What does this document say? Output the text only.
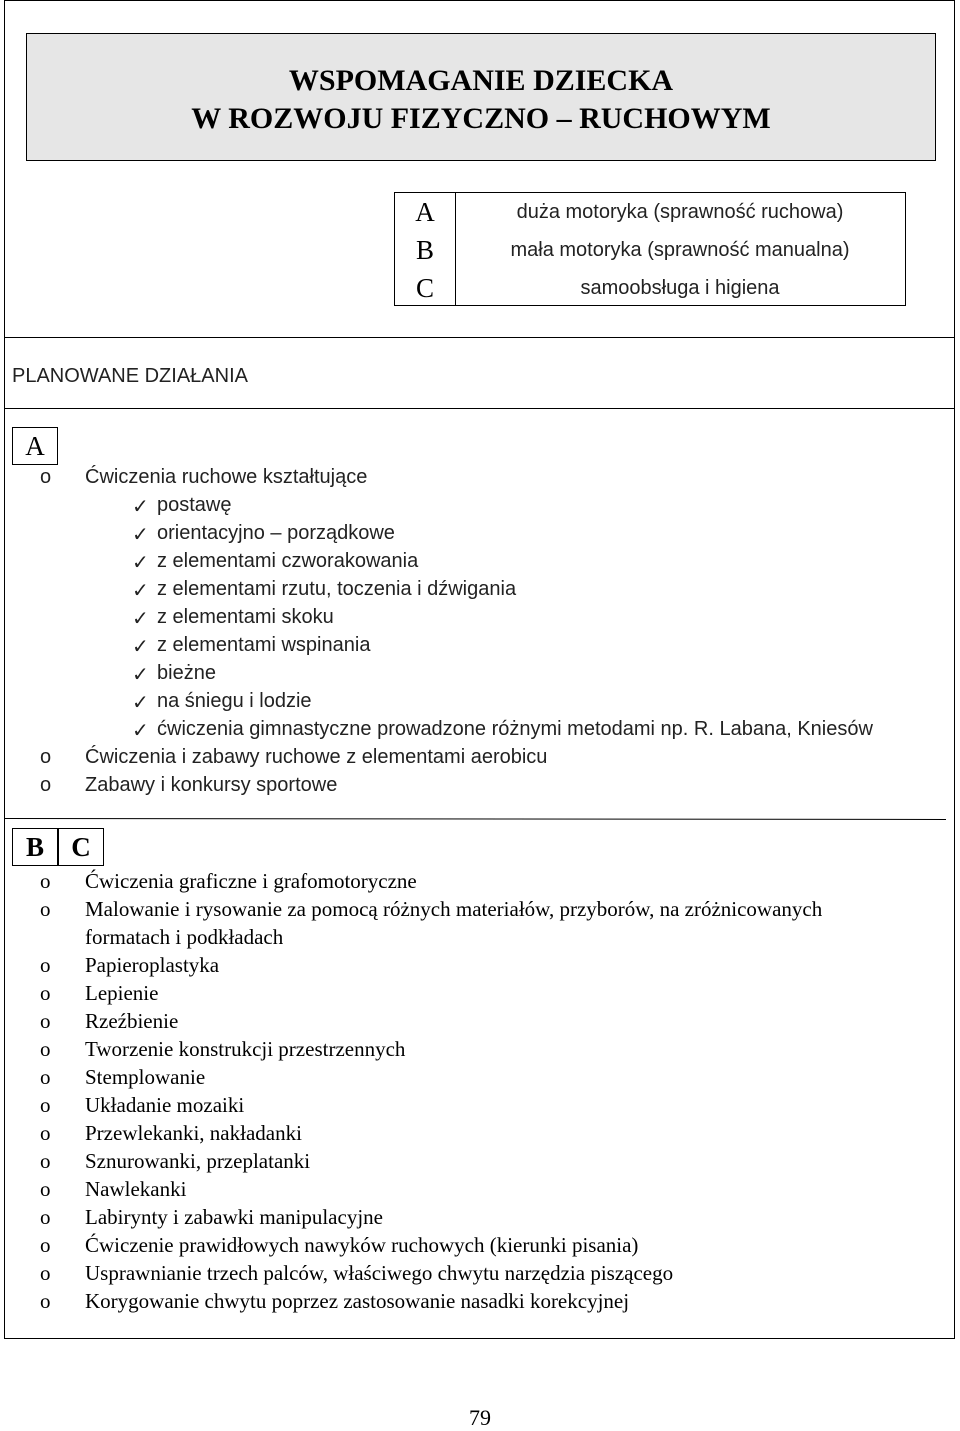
WSPOMAGANIE DZIECKA
W ROZWOJU FIZYCZNO – RUCHOWYM
A	duża motoryka (sprawność ruchowa)
B	mała motoryka (sprawność manualna)
C	samoobsługa i higiena
PLANOWANE DZIAŁANIA
A
o Ćwiczenia ruchowe kształtujące
✓ postawę
✓ orientacyjno – porządkowe
✓ z elementami czworakowania
✓ z elementami rzutu, toczenia i dźwigania
✓ z elementami skoku
✓ z elementami wspinania
✓ bieżne
✓ na śniegu i lodzie
✓ ćwiczenia gimnastyczne prowadzone różnymi metodami np. R. Labana, Kniesów
o Ćwiczenia i zabawy ruchowe z elementami aerobicu
o Zabawy i konkursy sportowe
B	C
o Ćwiczenia graficzne i grafomotoryczne
o Malowanie i rysowanie za pomocą różnych materiałów, przyborów, na zróżnicowanych
formatach i podkładach
o Papieroplastyka
o Lepienie
o Rzeźbienie
o Tworzenie konstrukcji przestrzennych
o Stemplowanie
o Układanie mozaiki
o Przewlekanki, nakładanki
o Sznurowanki, przeplatanki
o Nawlekanki
o Labirynty i zabawki manipulacyjne
o Ćwiczenie prawidłowych nawyków ruchowych (kierunki pisania)
o Usprawnianie trzech palców, właściwego chwytu narzędzia piszącego
o Korygowanie chwytu poprzez zastosowanie nasadki korekcyjnej
79
